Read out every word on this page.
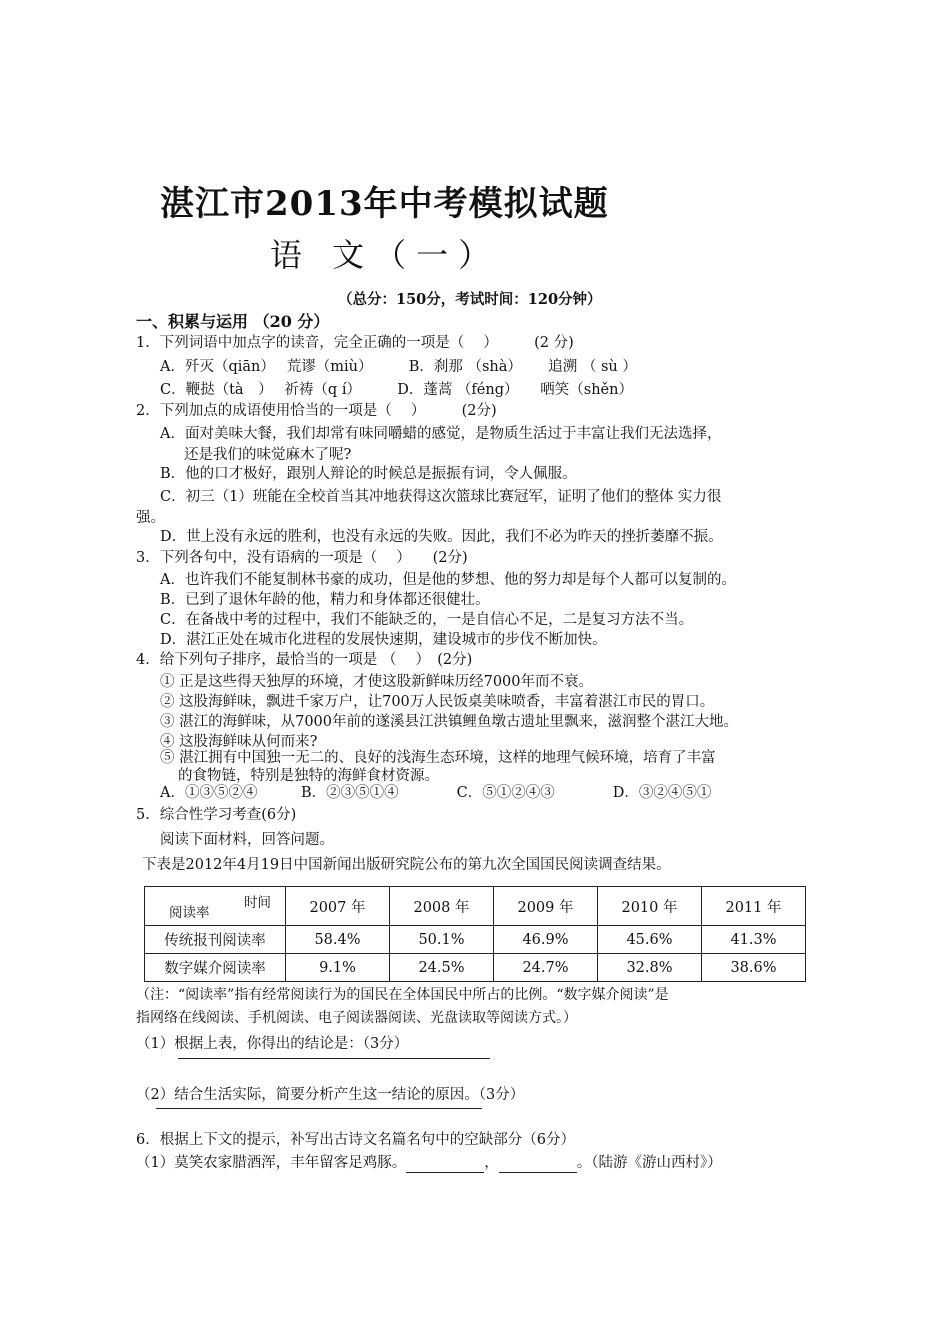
湛江市2013年中考模拟试题
语 文（一）
（总分：150分，考试时间：120分钟）
一、积累与运用 （20 分）
1．下列词语中加点字的读音，完全正确的一项是（　 ）　　　(2 分)
A．歼灭（qiān）　 荒谬（miù）　　　B．刹那 （shà）　　 追溯 （ sù ）
C．鞭挞（tà　）　 祈祷（q í）　　　D．蓬蒿 （féng）　　哂笑（shěn）
2．下列加点的成语使用恰当的一项是（　 ）　　　(2分)
A．面对美味大餐，我们却常有味同嚼蜡的感觉，是物质生活过于丰富让我们无法选择，
还是我们的味觉麻木了呢?
B．他的口才极好，跟别人辩论的时候总是振振有词，令人佩服。
C．初三（1）班能在全校首当其冲地获得这次篮球比赛冠军，证明了他们的整体 实力很
强。
D．世上没有永远的胜利，也没有永远的失败。因此，我们不必为昨天的挫折萎靡不振。
3．下列各句中，没有语病的一项是（　 ）　　(2分)
A．也许我们不能复制林书豪的成功，但是他的梦想、他的努力却是每个人都可以复制的。
B．已到了退休年龄的他，精力和身体都还很健壮。
C．在备战中考的过程中，我们不能缺乏的，一是自信心不足，二是复习方法不当。
D．湛江正处在城市化进程的发展快速期，建设城市的步伐不断加快。
4．给下列句子排序，最恰当的一项是 （　 ）　(2分)
① 正是这些得天独厚的环境，才使这股新鲜味历经7000年而不衰。
② 这股海鲜味，飘进千家万户，让700万人民饭桌美味喷香，丰富着湛江市民的胃口。
③ 湛江的海鲜味，从7000年前的遂溪县江洪镇鲤鱼墩古遗址里飘来，滋润整个湛江大地。
④ 这股海鲜味从何而来?
⑤ 湛江拥有中国独一无二的、良好的浅海生态环境，这样的地理气候环境，培育了丰富
的食物链，特别是独特的海鲜食材资源。
A．①③⑤②④　　　B．②③⑤①④　　　　C．⑤①②④③　　　　D．③②④⑤①
5．综合性学习考查(6分)
阅读下面材料，回答问题。
下表是2012年4月19日中国新闻出版研究院公布的第九次全国国民阅读调查结果。
时间
阅读率	2007 年	2008 年	2009 年	2010 年	2011 年
传统报刊阅读率	58.4%	50.1%	46.9%	45.6%	41.3%
数字媒介阅读率	9.1%	24.5%	24.7%	32.8%	38.6%
（注：“阅读率”指有经常阅读行为的国民在全体国民中所占的比例。“数字媒介阅读”是
指网络在线阅读、手机阅读、电子阅读器阅读、光盘读取等阅读方式。）
（1）根据上表，你得出的结论是：（3分）
（2）结合生活实际，简要分析产生这一结论的原因。（3分）
6．根据上下文的提示，补写出古诗文名篇名句中的空缺部分（6分）
（1）莫笑农家腊酒浑，丰年留客足鸡豚。	，	。（陆游《游山西村》）
